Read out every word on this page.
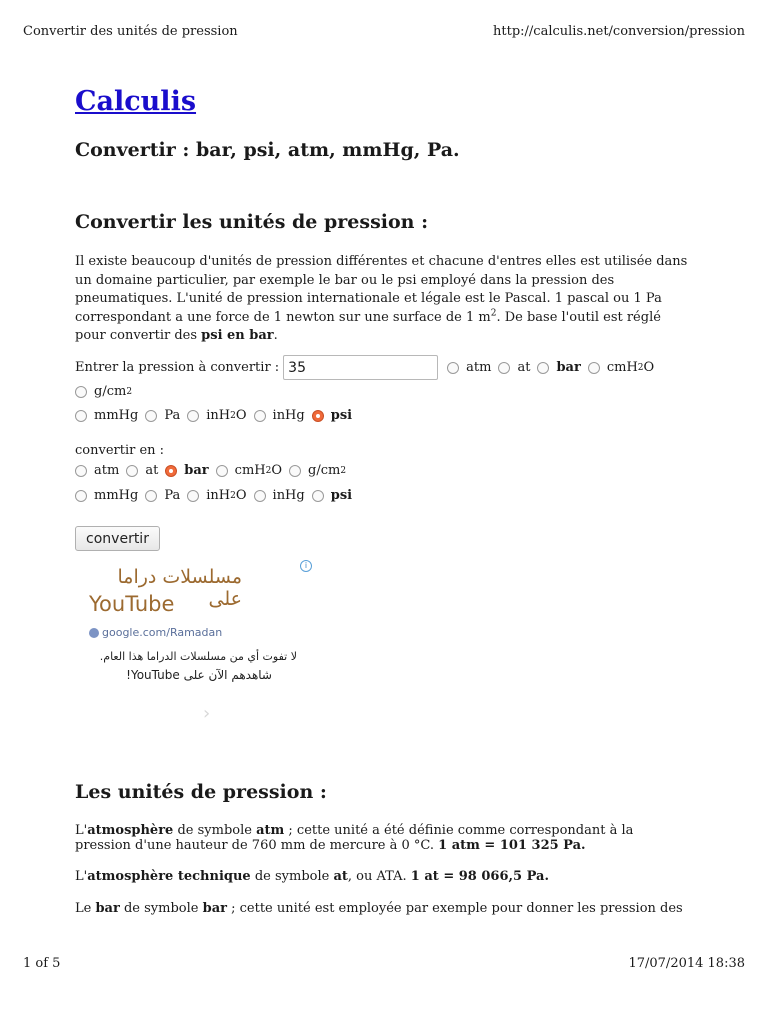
Convertir des unités de pression	http://calculis.net/conversion/pression
Calculis
Convertir : bar, psi, atm, mmHg, Pa.
Convertir les unités de pression :

Il existe beaucoup d'unités de pression différentes et chacune d'entres elles est utilisée dans un domaine particulier, par exemple le bar ou le psi employé dans la pression des pneumatiques. L'unité de pression internationale et légale est le Pascal. 1 pascal ou 1 Pa correspondant a une force de 1 newton sur une surface de 1 $m^2$. De base l'outil est réglé pour convertir des psi en bar.

Entrer la pression à convertir : 35	atm at bar cmH 2 O
g/cm 2
mmHg Pa inH 2 O inHg psi
convertir en :
atm at bar cmH 2 O g/cm 2
mmHg Pa inH 2 O inHg psi
convertir
مسلسلات دراما على
YouTube
google.com/Ramadan
لا تفوت أي من مسلسلات الدراما هذا العام.
شاهدهم الآن على YouTube!
›
i
Les unités de pression :

L'atmosphère de symbole atm ; cette unité a été définie comme correspondant à la pression d'une hauteur de 760 mm de mercure à 0 °C. 1 atm = 101 325 Pa.

L'atmosphère technique de symbole at, ou ATA. 1 at = 98 066,5 Pa.

Le bar de symbole bar ; cette unité est employée par exemple pour donner les pression des

1 of 5	17/07/2014 18:38
